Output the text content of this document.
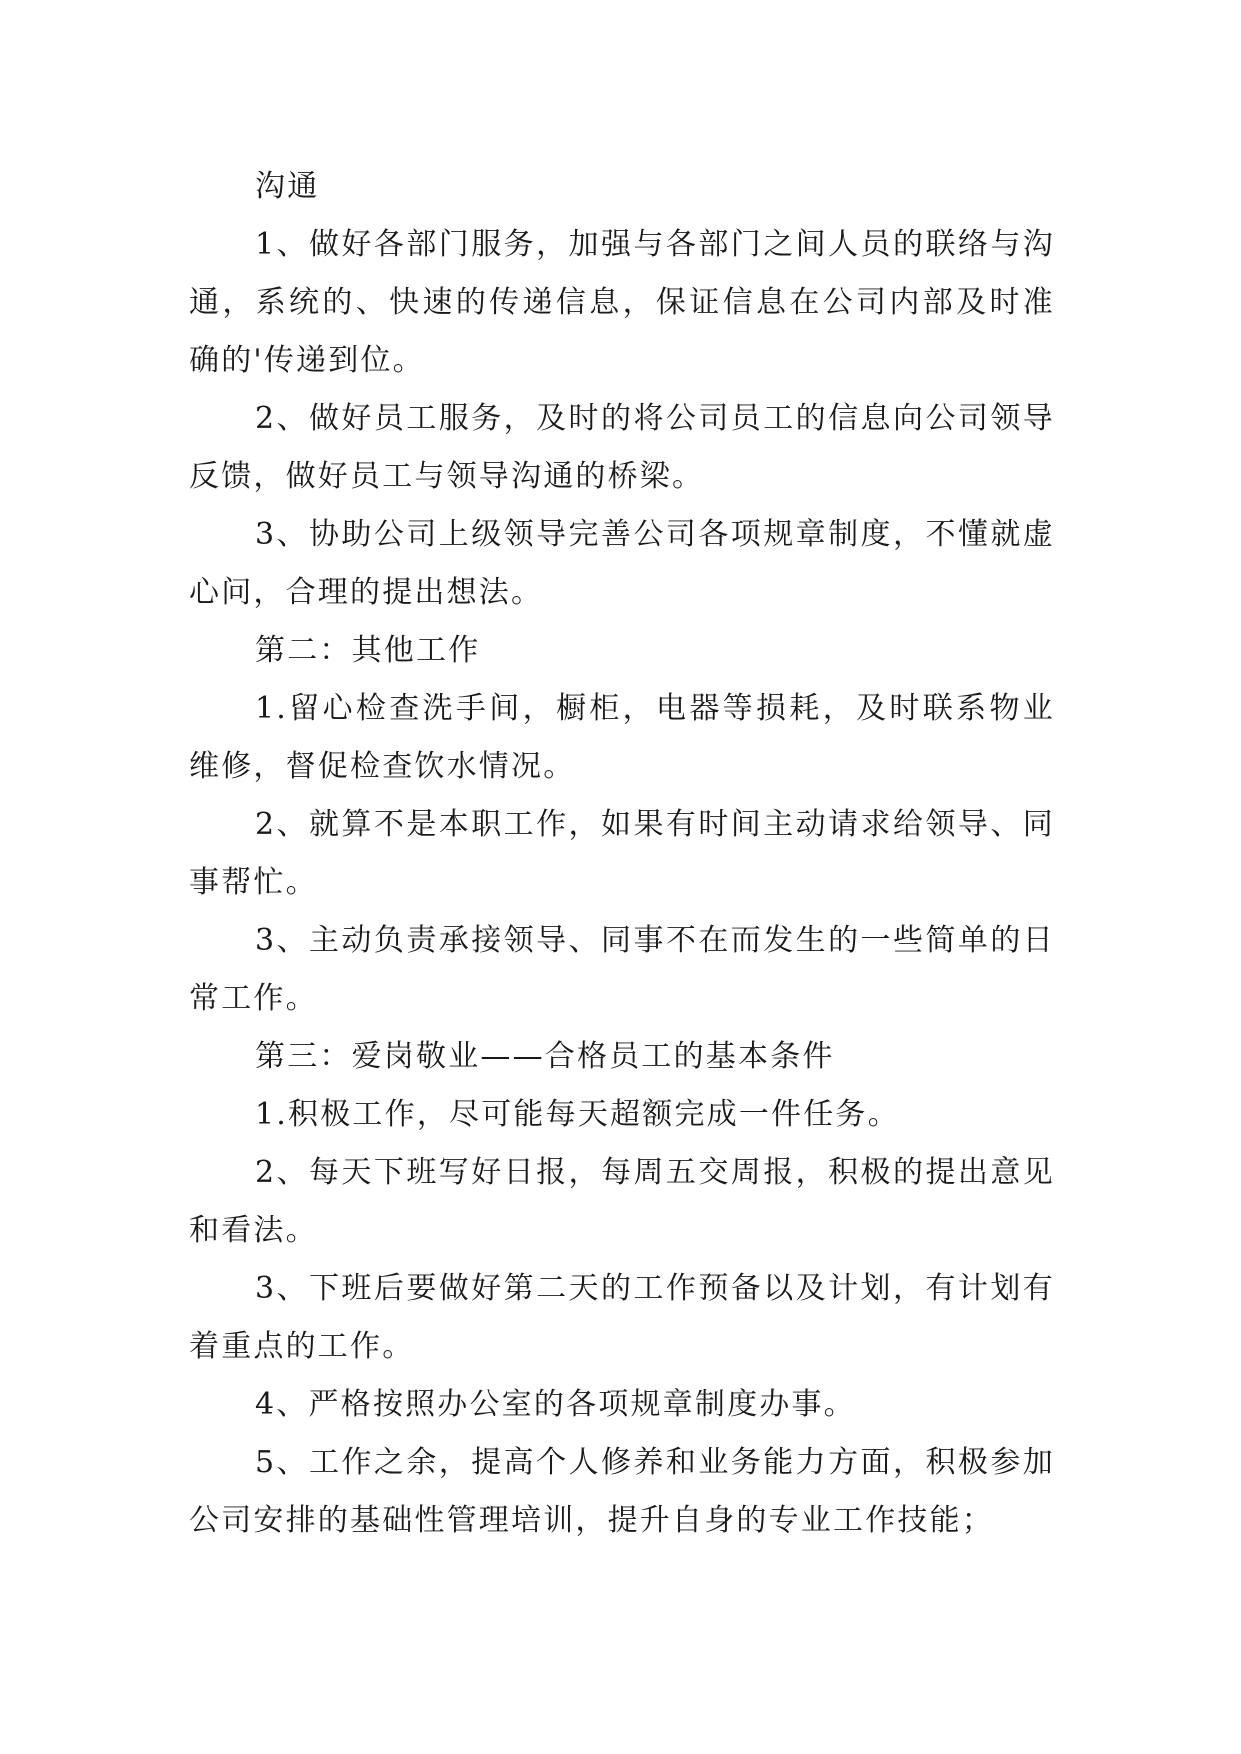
沟通

1、做好各部门服务，加强与各部门之间人员的联络与沟通，系统的、快速的传递信息，保证信息在公司内部及时准确的'传递到位。

2、做好员工服务，及时的将公司员工的信息向公司领导反馈，做好员工与领导沟通的桥梁。

3、协助公司上级领导完善公司各项规章制度，不懂就虚心问，合理的提出想法。

第二：其他工作

1.留心检查洗手间，橱柜，电器等损耗，及时联系物业维修，督促检查饮水情况。

2、就算不是本职工作，如果有时间主动请求给领导、同事帮忙。

3、主动负责承接领导、同事不在而发生的一些简单的日常工作。

第三：爱岗敬业——合格员工的基本条件

1.积极工作，尽可能每天超额完成一件任务。

2、每天下班写好日报，每周五交周报，积极的提出意见和看法。

3、下班后要做好第二天的工作预备以及计划，有计划有着重点的工作。

4、严格按照办公室的各项规章制度办事。

5、工作之余，提高个人修养和业务能力方面，积极参加公司安排的基础性管理培训，提升自身的专业工作技能；
